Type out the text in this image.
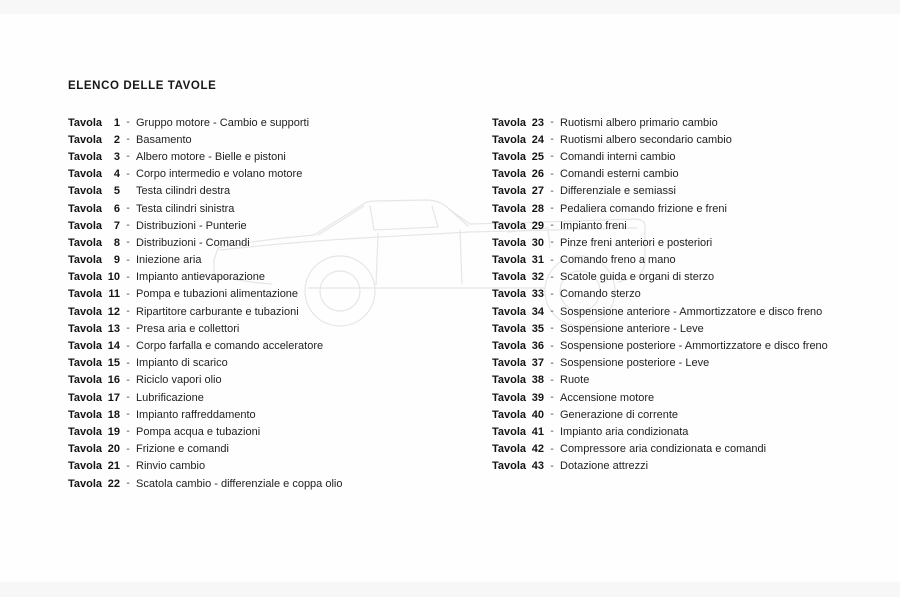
ELENCO DELLE TAVOLE
Tavola	1 - Gruppo motore - Cambio e supporti
Tavola	2 - Basamento
Tavola	3 - Albero motore - Bielle e pistoni
Tavola	4 - Corpo intermedio e volano motore
Tavola	5 Testa cilindri destra
Tavola	6 - Testa cilindri sinistra
Tavola	7 - Distribuzioni - Punterie
Tavola	8 - Distribuzioni - Comandi
Tavola	9 - Iniezione aria
Tavola 10 - Impianto antievaporazione
Tavola 11 - Pompa e tubazioni alimentazione
Tavola 12 - Ripartitore carburante e tubazioni
Tavola 13 - Presa aria e collettori
Tavola 14 - Corpo farfalla e comando acceleratore
Tavola 15 - Impianto di scarico
Tavola 16 - Riciclo vapori olio
Tavola 17 - Lubrificazione
Tavola 18 - Impianto raffreddamento
Tavola 19 - Pompa acqua e tubazioni
Tavola 20 - Frizione e comandi
Tavola 21 - Rinvio cambio
Tavola 22 - Scatola cambio - differenziale e coppa olio
Tavola 23 - Ruotismi albero primario cambio
Tavola 24 - Ruotismi albero secondario cambio
Tavola 25 - Comandi interni cambio
Tavola 26 - Comandi esterni cambio
Tavola 27 - Differenziale e semiassi
Tavola 28 - Pedaliera comando frizione e freni
Tavola 29 - Impianto freni
Tavola 30 - Pinze freni anteriori e posteriori
Tavola 31 - Comando freno a mano
Tavola 32 - Scatole guida e organi di sterzo
Tavola 33 - Comando sterzo
Tavola 34 - Sospensione anteriore - Ammortizzatore e disco freno
Tavola 35 - Sospensione anteriore - Leve
Tavola 36 - Sospensione posteriore - Ammortizzatore e disco freno
Tavola 37 - Sospensione posteriore - Leve
Tavola 38 - Ruote
Tavola 39 - Accensione motore
Tavola 40 - Generazione di corrente
Tavola 41 - Impianto aria condizionata
Tavola 42 - Compressore aria condizionata e comandi
Tavola 43 - Dotazione attrezzi
